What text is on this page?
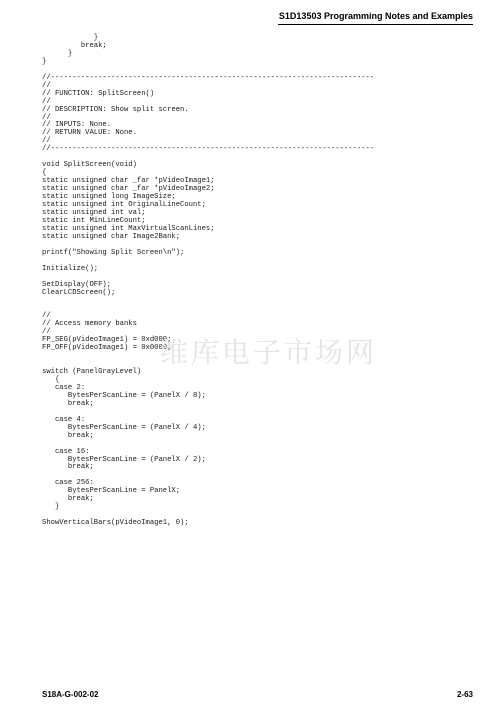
S1D13503 Programming Notes and Examples
}
break;
}
}
//---------------------------------------------------------------------------
//
// FUNCTION: SplitScreen()
//
// DESCRIPTION: Show split screen.
//
// INPUTS: None.
// RETURN VALUE: None.
//
//---------------------------------------------------------------------------
void SplitScreen(void)
{
static unsigned char _far *pVideoImage1;
static unsigned char _far *pVideoImage2;
static unsigned long ImageSize;
static unsigned int OriginalLineCount;
static unsigned int val;
static int MinLineCount;
static unsigned int MaxVirtualScanLines;
static unsigned char Image2Bank;
printf("Showing Split Screen\n");
Initialize();
SetDisplay(OFF);
ClearLCDScreen();
//
// Access memory banks
//
FP_SEG(pVideoImage1) = 0xd000;
FP_OFF(pVideoImage1) = 0x0000;
switch (PanelGrayLevel)
{
case 2:
BytesPerScanLine = (PanelX / 8);
break;
case 4:
BytesPerScanLine = (PanelX / 4);
break;
case 16:
BytesPerScanLine = (PanelX / 2);
break;
case 256:
BytesPerScanLine = PanelX;
break;
}
ShowVerticalBars(pVideoImage1, 0);
维库电子市场网
S18A-G-002-02	2-63
